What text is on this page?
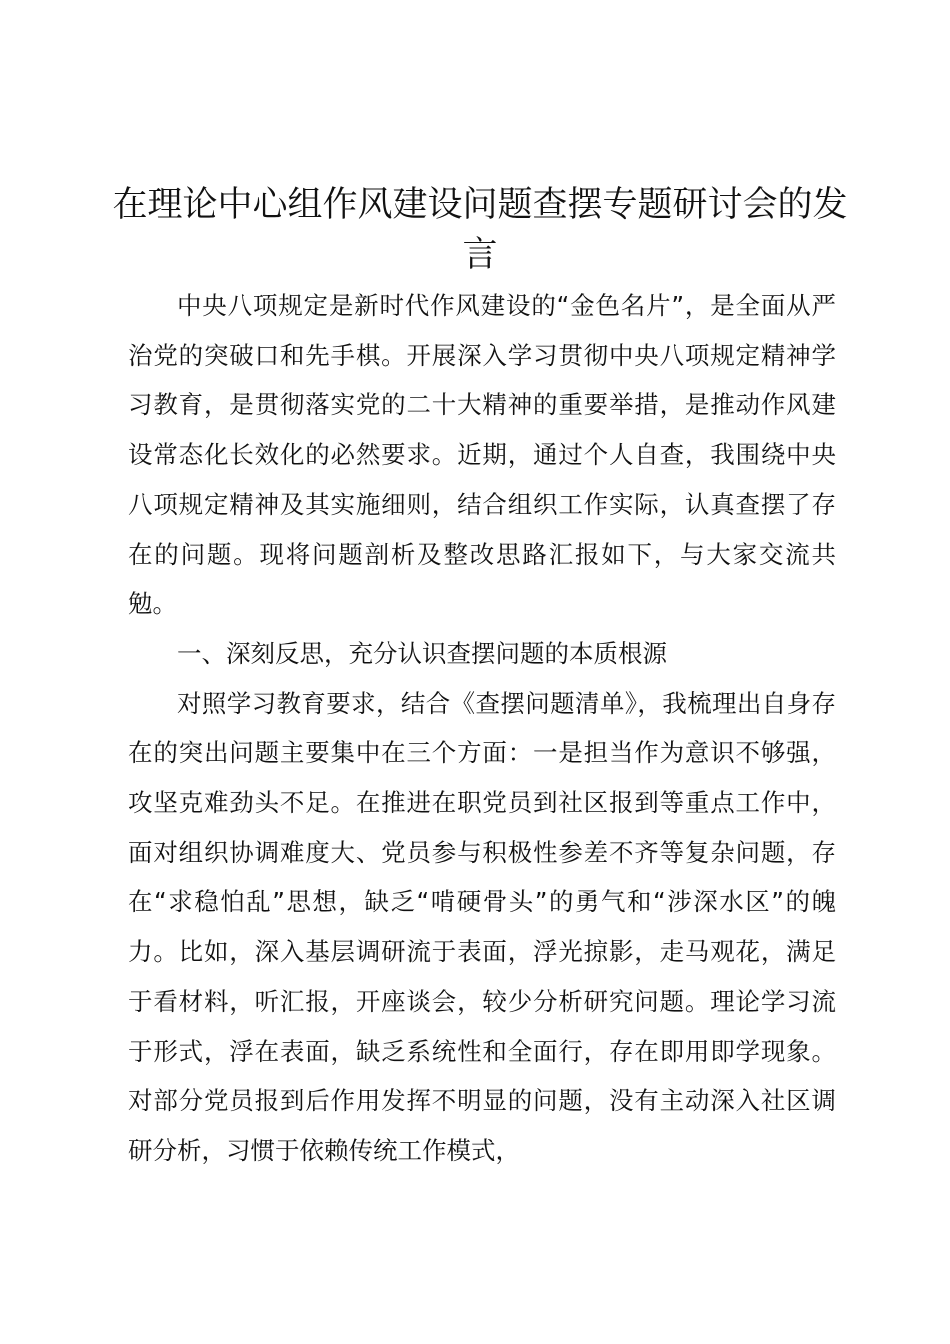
在理论中心组作风建设问题查摆专题研讨会的发言

中央八项规定是新时代作风建设的“金色名片”，是全面从严治党的突破口和先手棋。开展深入学习贯彻中央八项规定精神学习教育，是贯彻落实党的二十大精神的重要举措，是推动作风建设常态化长效化的必然要求。近期，通过个人自查，我围绕中央八项规定精神及其实施细则，结合组织工作实际，认真查摆了存在的问题。现将问题剖析及整改思路汇报如下，与大家交流共勉。

一、深刻反思，充分认识查摆问题的本质根源

对照学习教育要求，结合《查摆问题清单》，我梳理出自身存在的突出问题主要集中在三个方面：一是担当作为意识不够强，攻坚克难劲头不足。在推进在职党员到社区报到等重点工作中，面对组织协调难度大、党员参与积极性参差不齐等复杂问题，存在“求稳怕乱”思想，缺乏“啃硬骨头”的勇气和“涉深水区”的魄力。比如，深入基层调研流于表面，浮光掠影，走马观花，满足于看材料，听汇报，开座谈会，较少分析研究问题。理论学习流于形式，浮在表面，缺乏系统性和全面行，存在即用即学现象。对部分党员报到后作用发挥不明显的问题，没有主动深入社区调研分析，习惯于依赖传统工作模式，
